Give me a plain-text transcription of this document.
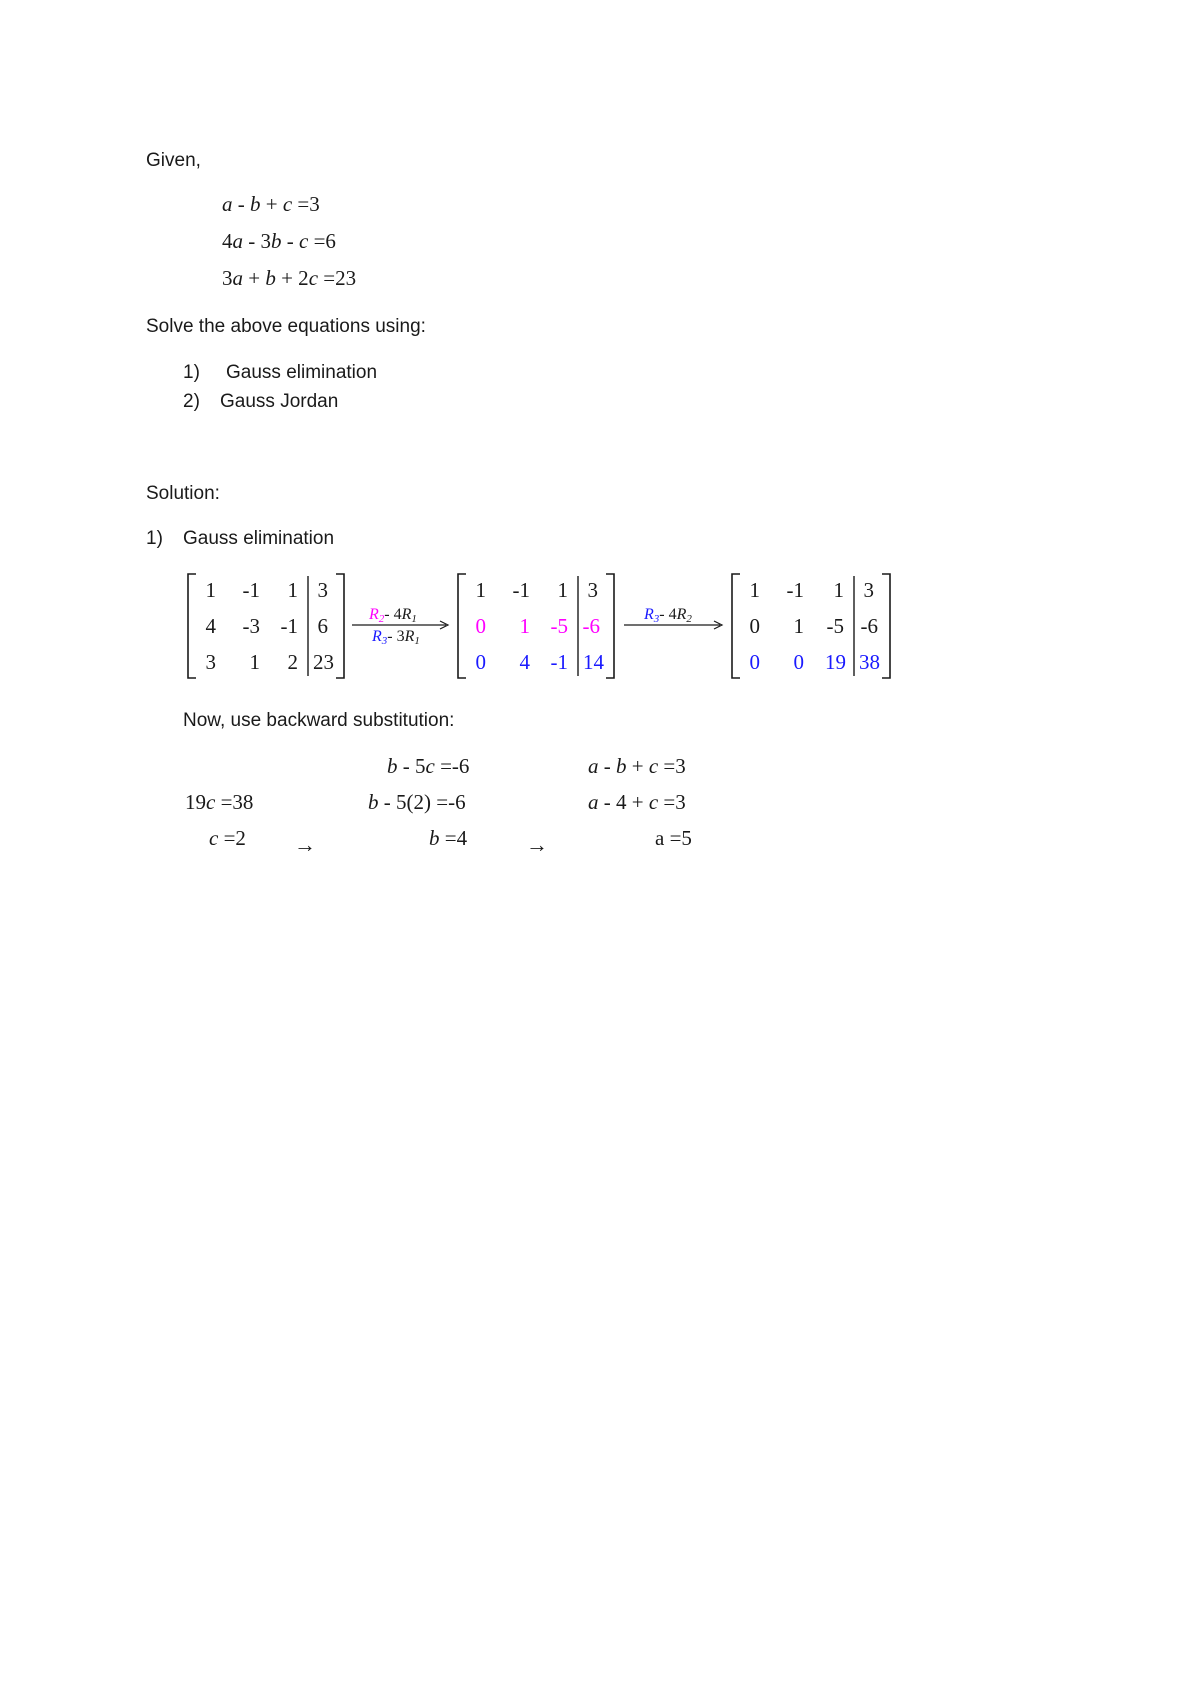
Given,
a - b + c =3
4a - 3b - c =6
3a + b + 2c =23
Solve the above equations using:
1) Gauss elimination
2) Gauss Jordan
Solution:
1) Gauss elimination
1	-1	1 3
4	-3 -1 6
3	1	2 23
$R_2-$ $4R_1$
$R_3-$ $3R_1$
1	-1	1 3
0	1 -5 -6
0	4 -1 14
$R_3-$ $4R_2$
1	-1	1 3
0	1	-5 -6
0	0	19 38
Now, use backward substitution:
19c =38
c =2 →
b - 5c =-6
b - 5(2) =-6
b =4	→
a - b + c =3
a - 4 + c =3
a =5
